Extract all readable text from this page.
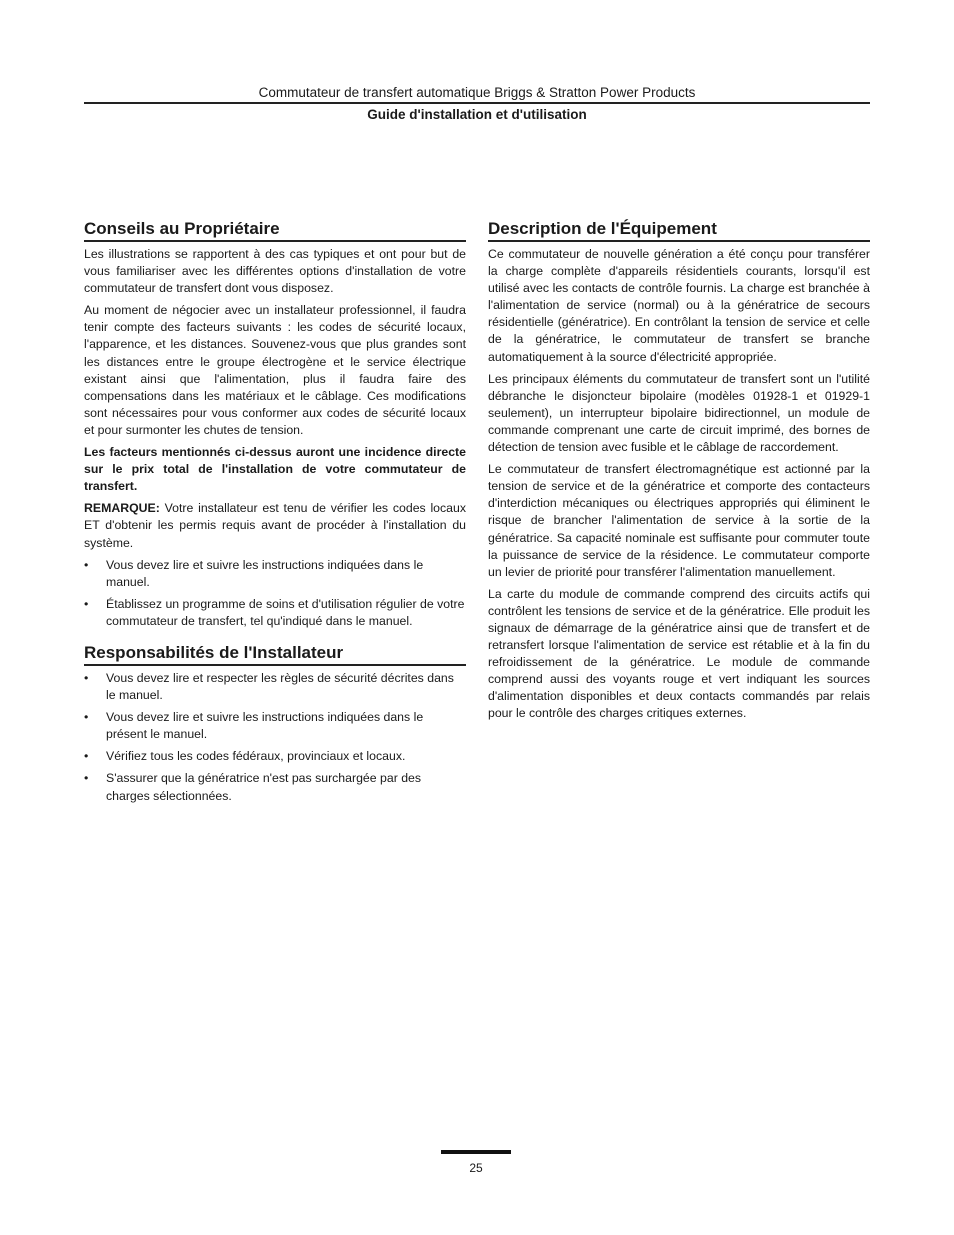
Commutateur de transfert automatique Briggs & Stratton Power Products
Guide d'installation et d'utilisation
Conseils au Propriétaire

Les illustrations se rapportent à des cas typiques et ont pour but de vous familiariser avec les différentes options d'installation de votre commutateur de transfert dont vous disposez.

Au moment de négocier avec un installateur professionnel, il faudra tenir compte des facteurs suivants : les codes de sécurité locaux, l'apparence, et les distances. Souvenez-vous que plus grandes sont les distances entre le groupe électrogène et le service électrique existant ainsi que l'alimentation, plus il faudra faire des compensations dans les matériaux et le câblage. Ces modifications sont nécessaires pour vous conformer aux codes de sécurité locaux et pour surmonter les chutes de tension.

Les facteurs mentionnés ci-dessus auront une incidence directe sur le prix total de l'installation de votre commutateur de transfert.

REMARQUE: Votre installateur est tenu de vérifier les codes locaux ET d'obtenir les permis requis avant de procéder à l'installation du système.

• Vous devez lire et suivre les instructions indiquées dans le manuel.
• Établissez un programme de soins et d'utilisation régulier de votre commutateur de transfert, tel qu'indiqué dans le manuel.
Responsabilités de l'Installateur
• Vous devez lire et respecter les règles de sécurité décrites dans le manuel.
• Vous devez lire et suivre les instructions indiquées dans le présent le manuel.
• Vérifiez tous les codes fédéraux, provinciaux et locaux.
• S'assurer que la génératrice n'est pas surchargée par des charges sélectionnées.
Description de l'Équipement

Ce commutateur de nouvelle génération a été conçu pour transférer la charge complète d'appareils résidentiels courants, lorsqu'il est utilisé avec les contacts de contrôle fournis. La charge est branchée à l'alimentation de service (normal) ou à la génératrice de secours résidentielle (génératrice). En contrôlant la tension de service et celle de la génératrice, le commutateur de transfert se branche automatiquement à la source d'électricité appropriée.

Les principaux éléments du commutateur de transfert sont un l'utilité débranche le disjoncteur bipolaire (modèles 01928-1 et 01929-1 seulement), un interrupteur bipolaire bidirectionnel, un module de commande comprenant une carte de circuit imprimé, des bornes de détection de tension avec fusible et le câblage de raccordement.

Le commutateur de transfert électromagnétique est actionné par la tension de service et de la génératrice et comporte des contacteurs d'interdiction mécaniques ou électriques appropriés qui éliminent le risque de brancher l'alimentation de service à la sortie de la génératrice. Sa capacité nominale est suffisante pour commuter toute la puissance de service de la résidence. Le commutateur comporte un levier de priorité pour transférer l'alimentation manuellement.

La carte du module de commande comprend des circuits actifs qui contrôlent les tensions de service et de la génératrice. Elle produit les signaux de démarrage de la génératrice ainsi que de transfert et de retransfert lorsque l'alimentation de service est rétablie et à la fin du refroidissement de la génératrice. Le module de commande comprend aussi des voyants rouge et vert indiquant les sources d'alimentation disponibles et deux contacts commandés par relais pour le contrôle des charges critiques externes.

25
